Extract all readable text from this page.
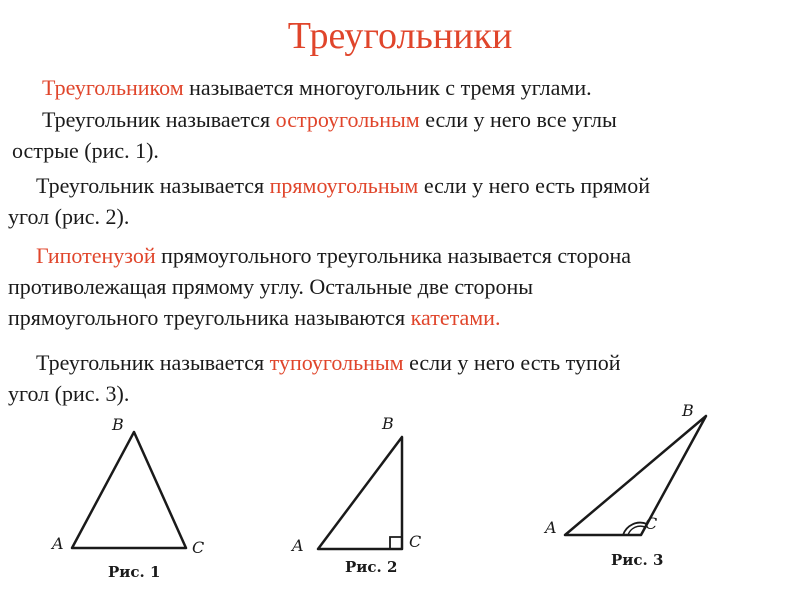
Треугольники
Треугольником называется многоугольник с тремя углами.
Треугольник называется остроугольным если у него все углы
острые (рис. 1).
Треугольник называется прямоугольным если у него есть прямой
угол (рис. 2).
Гипотенузой прямоугольного треугольника называется сторона
противолежащая прямому углу. Остальные две стороны
прямоугольного треугольника называются катетами.
Треугольник называется тупоугольным если у него есть тупой
угол (рис. 3).
B
A	C
Рис. 1
B
A	C
Рис. 2
B
A	C
Рис. 3
